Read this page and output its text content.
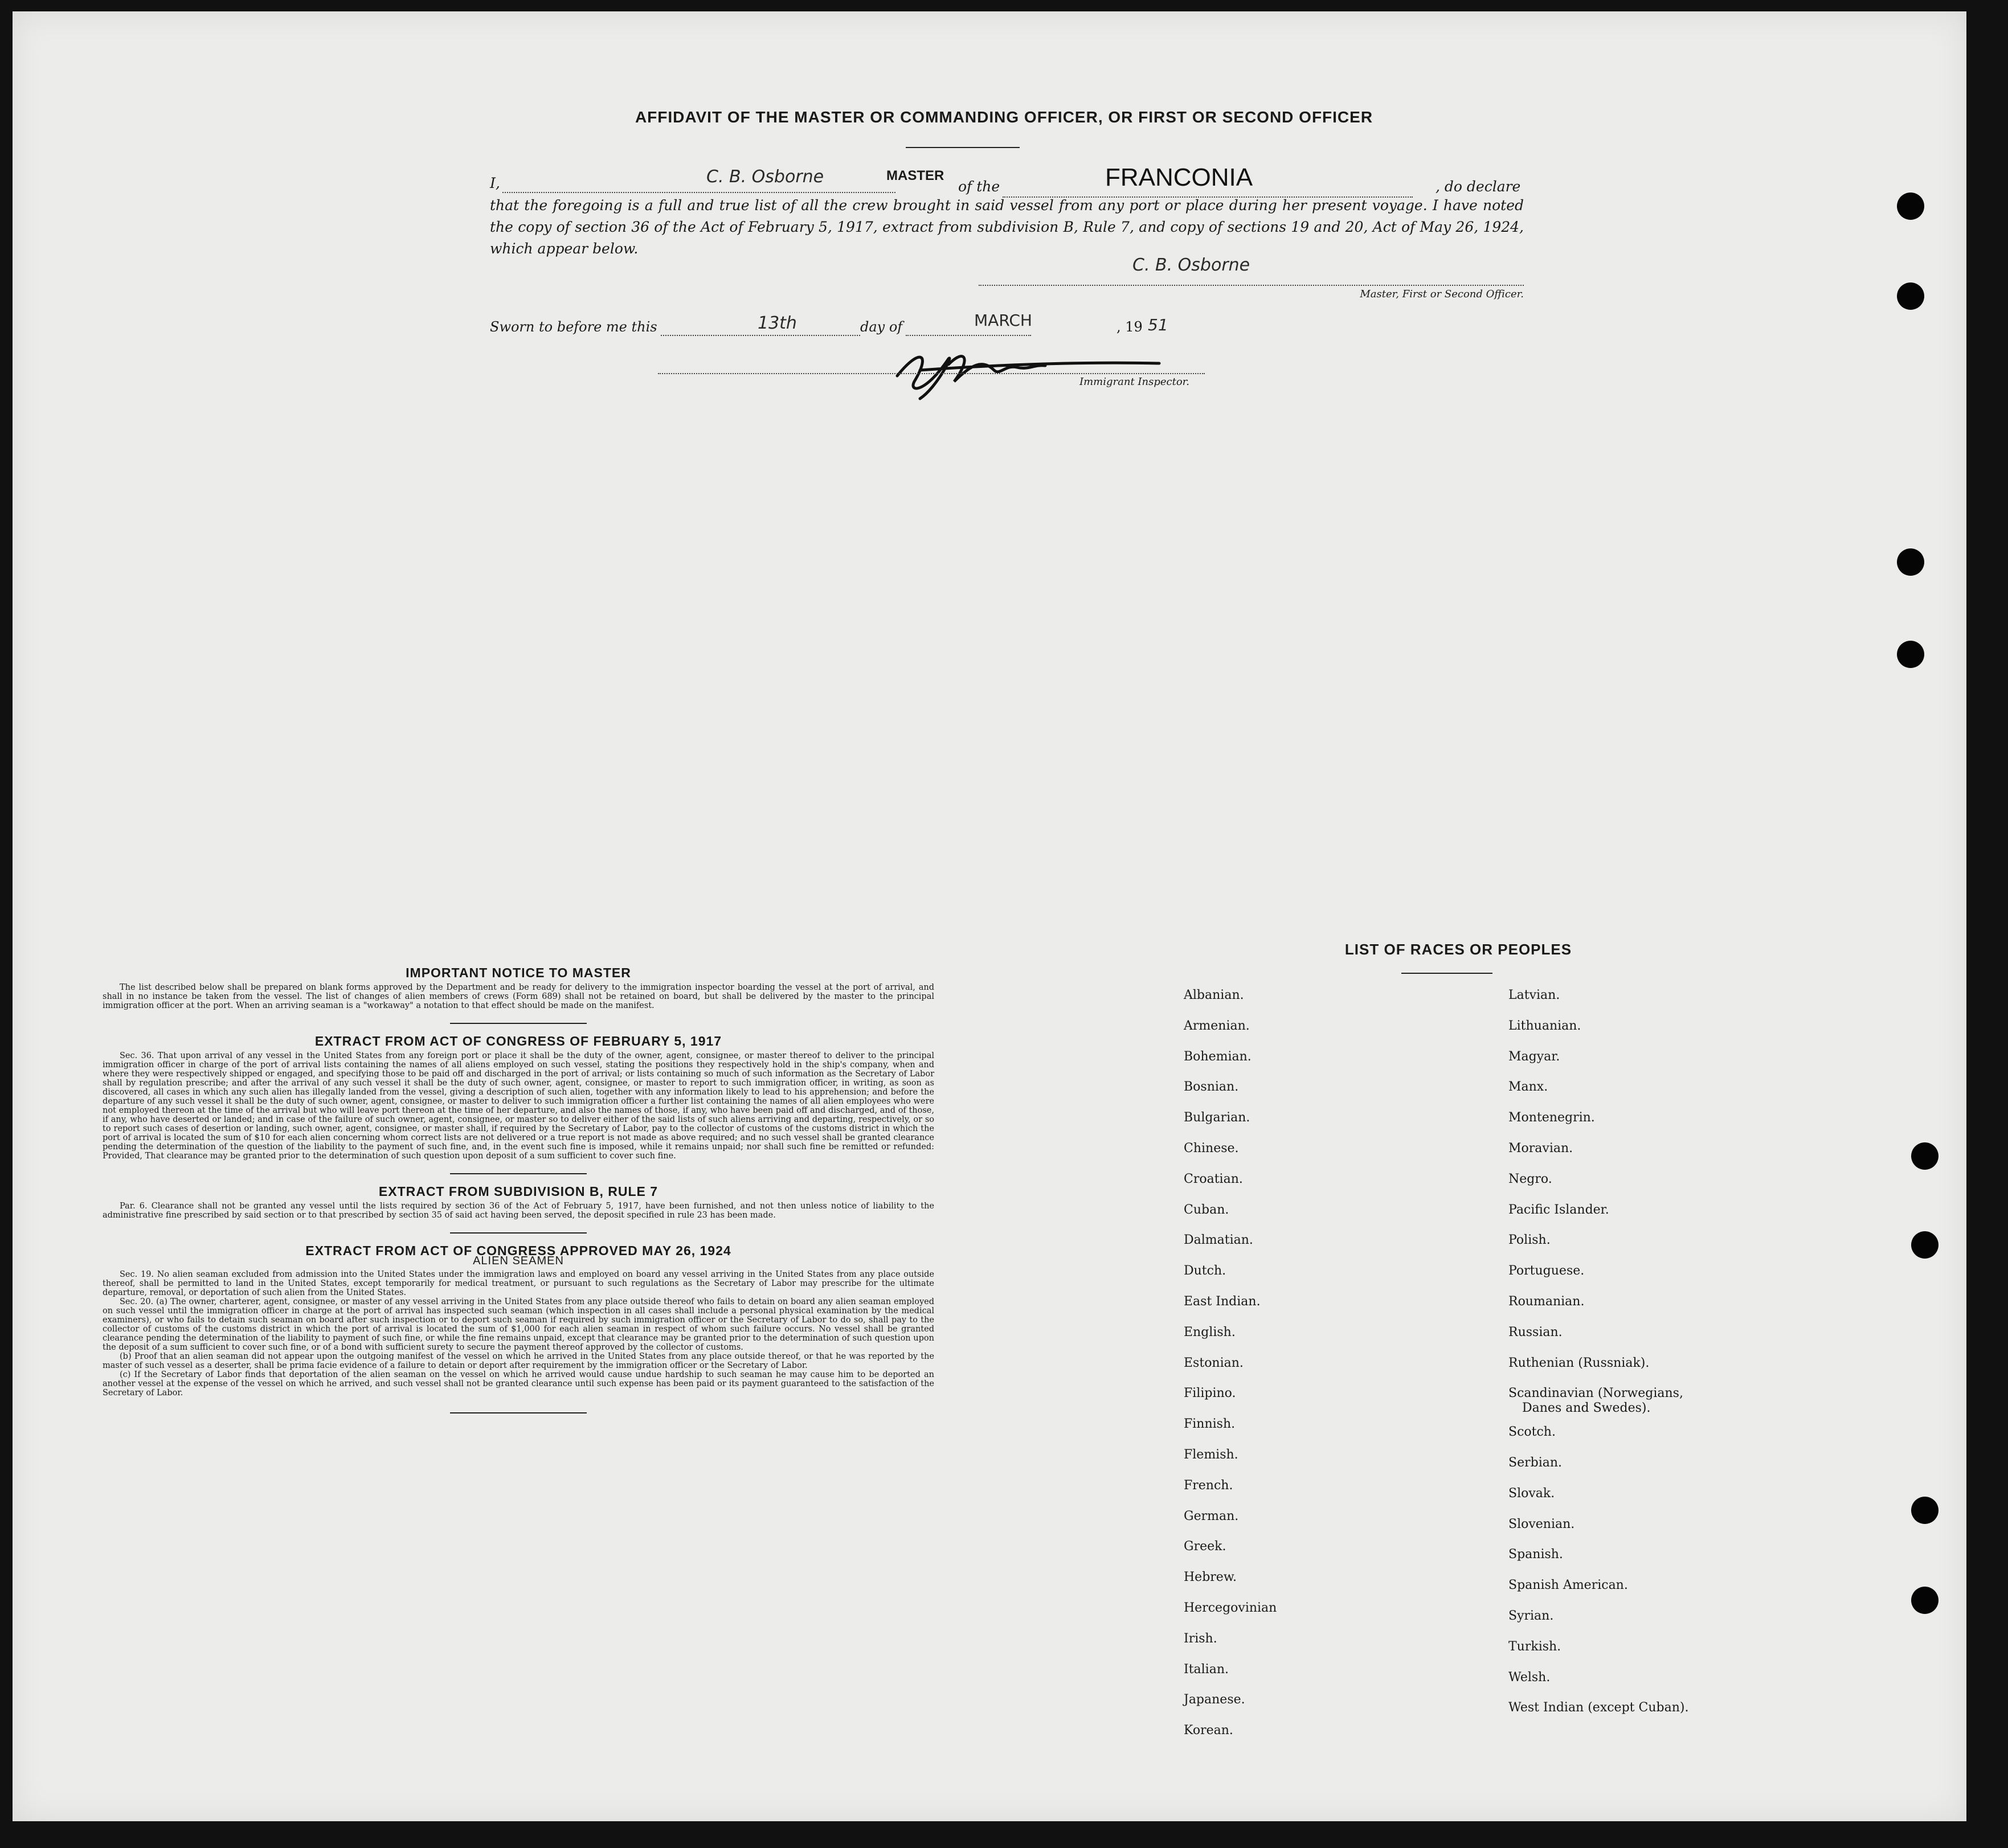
AFFIDAVIT OF THE MASTER OR COMMANDING OFFICER, OR FIRST OR SECOND OFFICER
I,	C. B. Osborne	MASTER
of the	FRANCONIA	, do declare
that the foregoing is a full and true list of all the crew brought in said vessel from any port or place during her present voyage. I have noted the copy of section 36 of the Act of February 5, 1917, extract from subdivision B, Rule 7, and copy of sections 19 and 20, Act of May 26, 1924, which appear below.
C. B. Osborne
Master, First or Second Officer.
Sworn to before me this	13th	day of	MARCH	, 19 51
Immigrant Inspector.
IMPORTANT NOTICE TO MASTER

The list described below shall be prepared on blank forms approved by the Department and be ready for delivery to the immigration inspector boarding the vessel at the port of arrival, and shall in no instance be taken from the vessel. The list of changes of alien members of crews (Form 689) shall not be retained on board, but shall be delivered by the master to the principal immigration officer at the port. When an arriving seaman is a "workaway" a notation to that effect should be made on the manifest.

EXTRACT FROM ACT OF CONGRESS OF FEBRUARY 5, 1917

Sec. 36. That upon arrival of any vessel in the United States from any foreign port or place it shall be the duty of the owner, agent, consignee, or master thereof to deliver to the principal immigration officer in charge of the port of arrival lists containing the names of all aliens employed on such vessel, stating the positions they respectively hold in the ship's company, when and where they were respectively shipped or engaged, and specifying those to be paid off and discharged in the port of arrival; or lists containing so much of such information as the Secretary of Labor shall by regulation prescribe; and after the arrival of any such vessel it shall be the duty of such owner, agent, consignee, or master to report to such immigration officer, in writing, as soon as discovered, all cases in which any such alien has illegally landed from the vessel, giving a description of such alien, together with any information likely to lead to his apprehension; and before the departure of any such vessel it shall be the duty of such owner, agent, consignee, or master to deliver to such immigration officer a further list containing the names of all alien employees who were not employed thereon at the time of the arrival but who will leave port thereon at the time of her departure, and also the names of those, if any, who have been paid off and discharged, and of those, if any, who have deserted or landed; and in case of the failure of such owner, agent, consignee, or master so to deliver either of the said lists of such aliens arriving and departing, respectively, or so to report such cases of desertion or landing, such owner, agent, consignee, or master shall, if required by the Secretary of Labor, pay to the collector of customs of the customs district in which the port of arrival is located the sum of $10 for each alien concerning whom correct lists are not delivered or a true report is not made as above required; and no such vessel shall be granted clearance pending the determination of the question of the liability to the payment of such fine, and, in the event such fine is imposed, while it remains unpaid; nor shall such fine be remitted or refunded: Provided, That clearance may be granted prior to the determination of such question upon deposit of a sum sufficient to cover such fine.

EXTRACT FROM SUBDIVISION B, RULE 7

Par. 6. Clearance shall not be granted any vessel until the lists required by section 36 of the Act of February 5, 1917, have been furnished, and not then unless notice of liability to the administrative fine prescribed by said section or to that prescribed by section 35 of said act having been served, the deposit specified in rule 23 has been made.

EXTRACT FROM ACT OF CONGRESS APPROVED MAY 26, 1924
ALIEN SEAMEN

Sec. 19. No alien seaman excluded from admission into the United States under the immigration laws and employed on board any vessel arriving in the United States from any place outside thereof, shall be permitted to land in the United States, except temporarily for medical treatment, or pursuant to such regulations as the Secretary of Labor may prescribe for the ultimate departure, removal, or deportation of such alien from the United States.

Sec. 20. (a) The owner, charterer, agent, consignee, or master of any vessel arriving in the United States from any place outside thereof who fails to detain on board any alien seaman employed on such vessel until the immigration officer in charge at the port of arrival has inspected such seaman (which inspection in all cases shall include a personal physical examination by the medical examiners), or who fails to detain such seaman on board after such inspection or to deport such seaman if required by such immigration officer or the Secretary of Labor to do so, shall pay to the collector of customs of the customs district in which the port of arrival is located the sum of $1,000 for each alien seaman in respect of whom such failure occurs. No vessel shall be granted clearance pending the determination of the liability to payment of such fine, or while the fine remains unpaid, except that clearance may be granted prior to the determination of such question upon the deposit of a sum sufficient to cover such fine, or of a bond with sufficient surety to secure the payment thereof approved by the collector of customs.

(b) Proof that an alien seaman did not appear upon the outgoing manifest of the vessel on which he arrived in the United States from any place outside thereof, or that he was reported by the master of such vessel as a deserter, shall be prima facie evidence of a failure to detain or deport after requirement by the immigration officer or the Secretary of Labor.

(c) If the Secretary of Labor finds that deportation of the alien seaman on the vessel on which he arrived would cause undue hardship to such seaman he may cause him to be deported an another vessel at the expense of the vessel on which he arrived, and such vessel shall not be granted clearance until such expense has been paid or its payment guaranteed to the satisfaction of the Secretary of Labor.

LIST OF RACES OR PEOPLES
Albanian.
Armenian.
Bohemian.
Bosnian.
Bulgarian.
Chinese.
Croatian.
Cuban.
Dalmatian.
Dutch.
East Indian.
English.
Estonian.
Filipino.
Finnish.
Flemish.
French.
German.
Greek.
Hebrew.
Hercegovinian
Irish.
Italian.
Japanese.
Korean.
Latvian.
Lithuanian.
Magyar.
Manx.
Montenegrin.
Moravian.
Negro.
Pacific Islander.
Polish.
Portuguese.
Roumanian.
Russian.
Ruthenian (Russniak).
Scandinavian (Norwegians,
Danes and Swedes).
Scotch.
Serbian.
Slovak.
Slovenian.
Spanish.
Spanish American.
Syrian.
Turkish.
Welsh.
West Indian (except Cuban).
